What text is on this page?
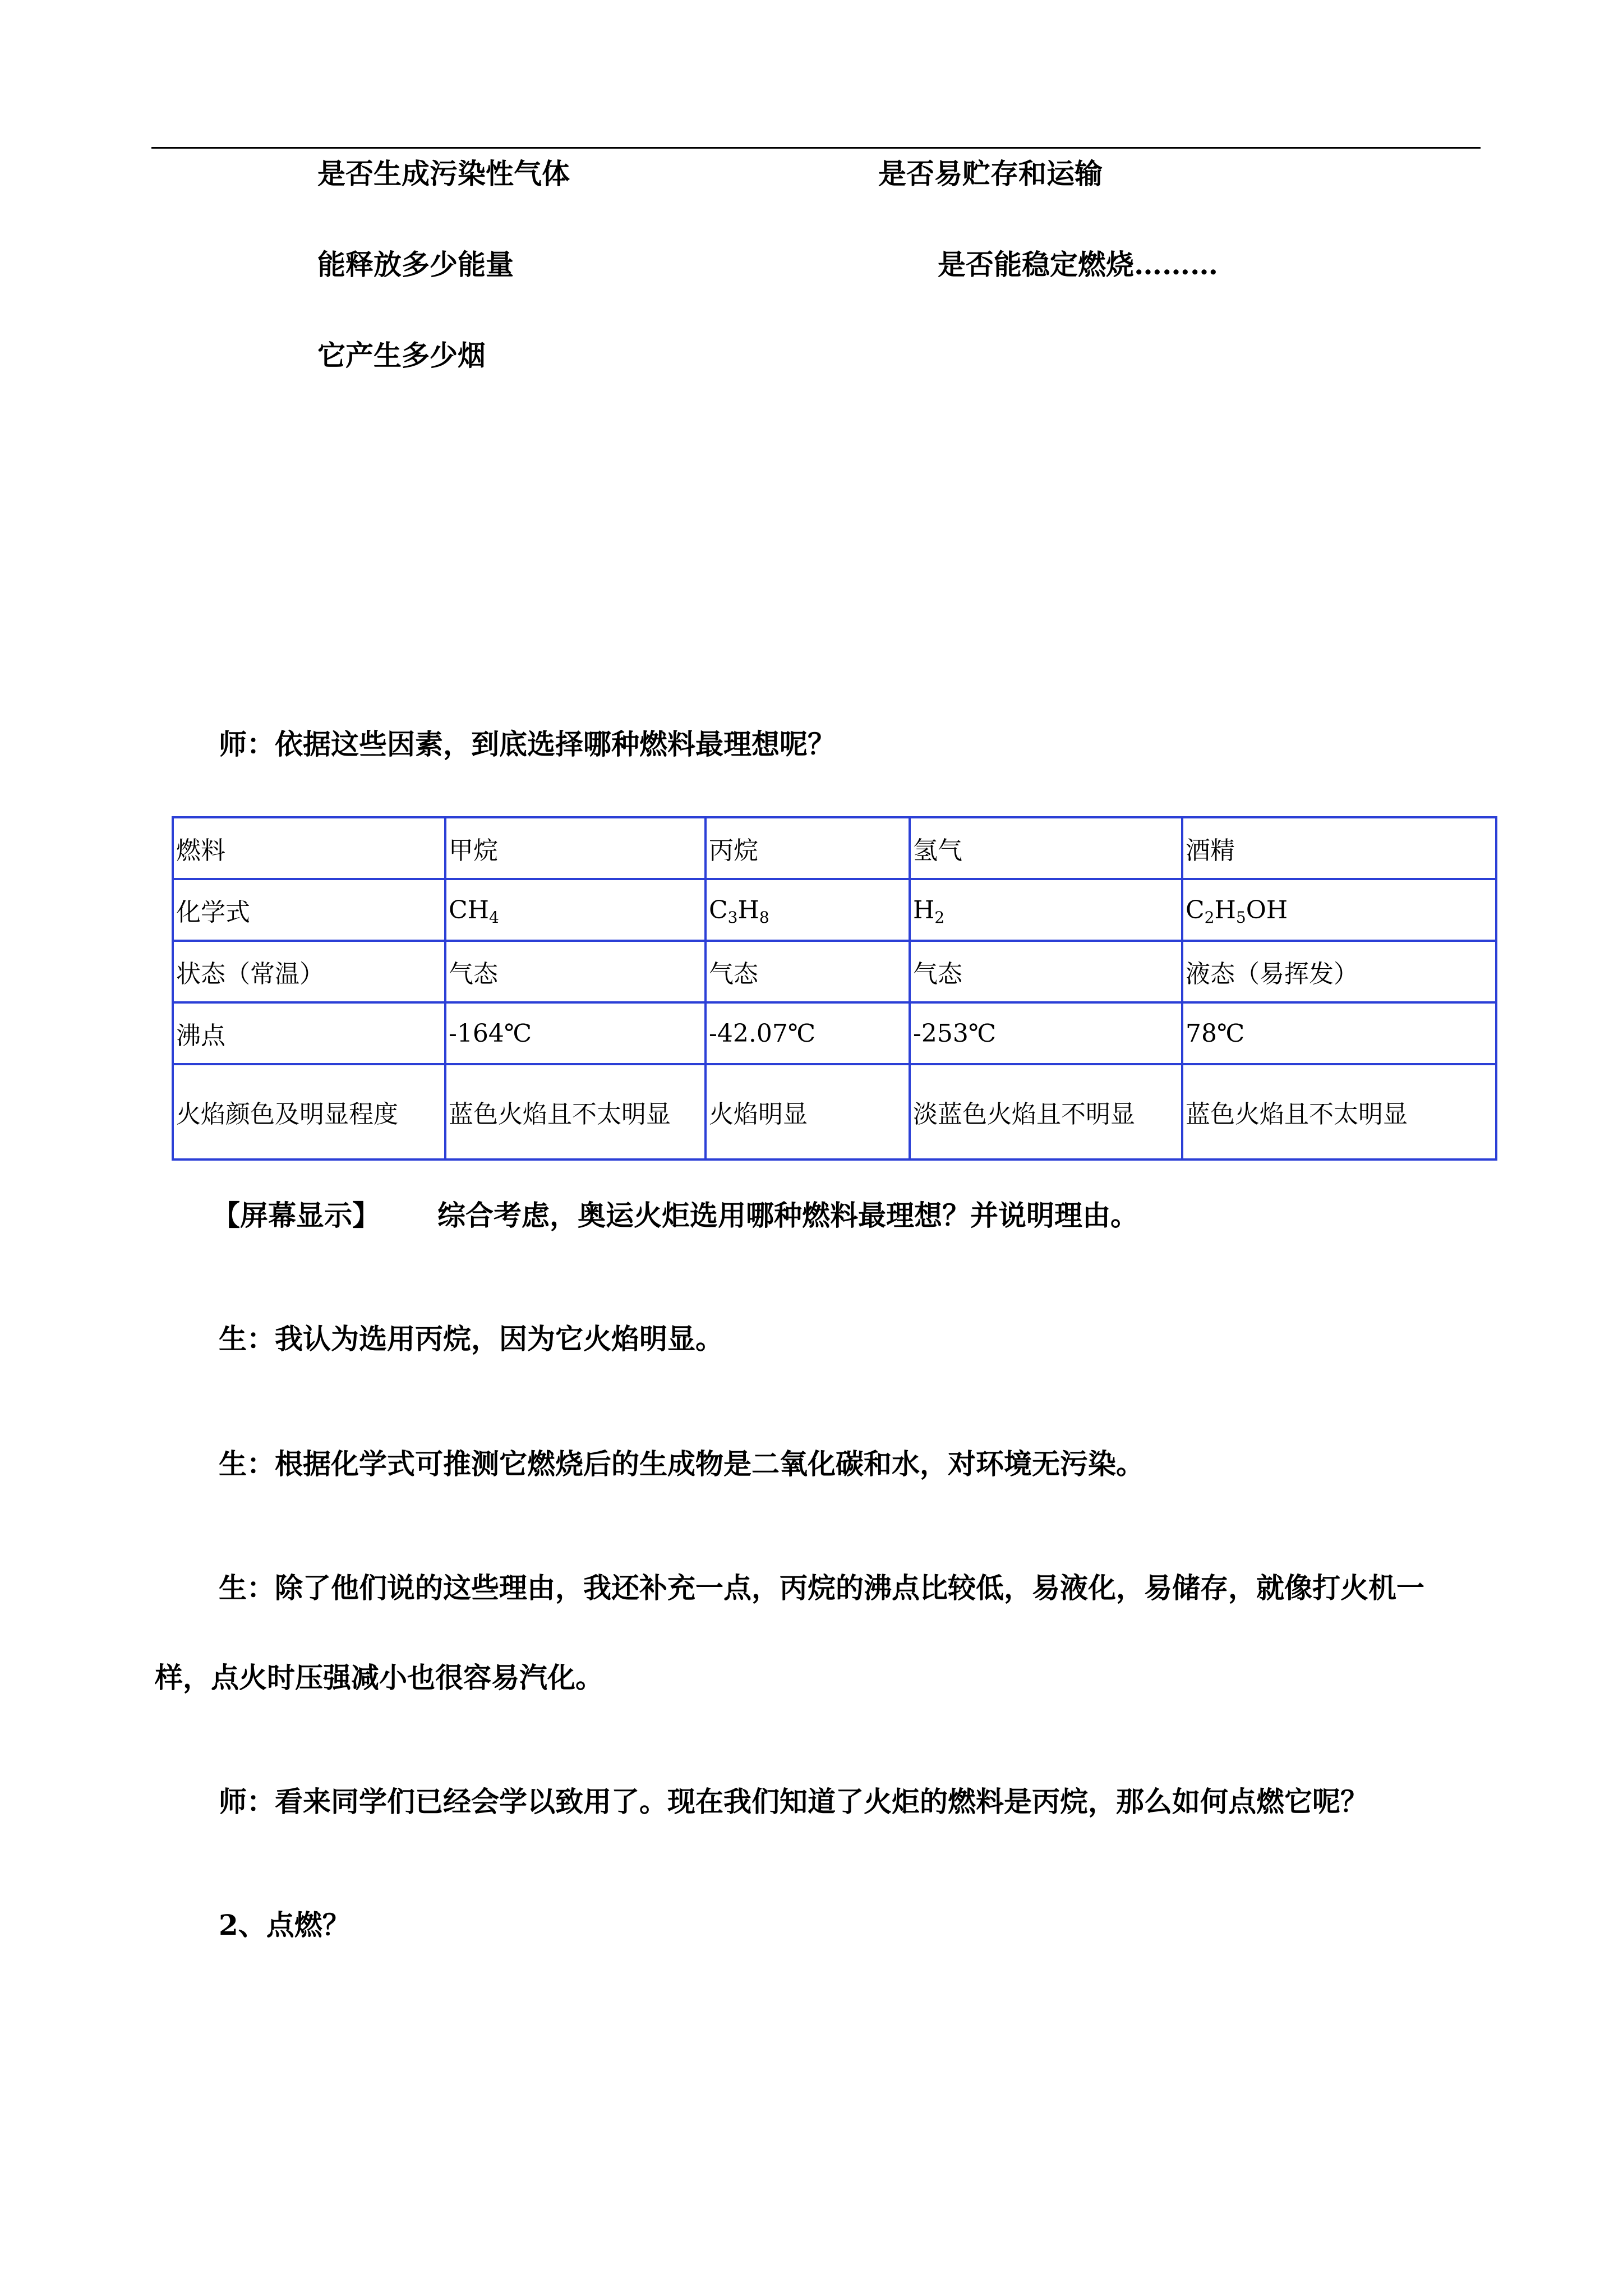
是否生成污染性气体	是否易贮存和运输
能释放多少能量	是否能稳定燃烧………
它产生多少烟
师：依据这些因素，到底选择哪种燃料最理想呢？
燃料	甲烷	丙烷	氢气	酒精
化学式	$CH_4$	$C_3H_8$	$H_2$	$C_2H_5OH$
状态（常温）	气态	气态	气态	液态（易挥发）
沸点	-164℃	-42.07℃	-253℃	78℃
火焰颜色及明显程度	蓝色火焰且不太明显	火焰明显	淡蓝色火焰且不明显	蓝色火焰且不太明显
【屏幕显示】 综合考虑，奥运火炬选用哪种燃料最理想？并说明理由。
生：我认为选用丙烷，因为它火焰明显。
生：根据化学式可推测它燃烧后的生成物是二氧化碳和水，对环境无污染。
生：除了他们说的这些理由，我还补充一点，丙烷的沸点比较低，易液化，易储存，就像打火机一
样，点火时压强减小也很容易汽化。
师：看来同学们已经会学以致用了。现在我们知道了火炬的燃料是丙烷，那么如何点燃它呢？
2、点燃？
